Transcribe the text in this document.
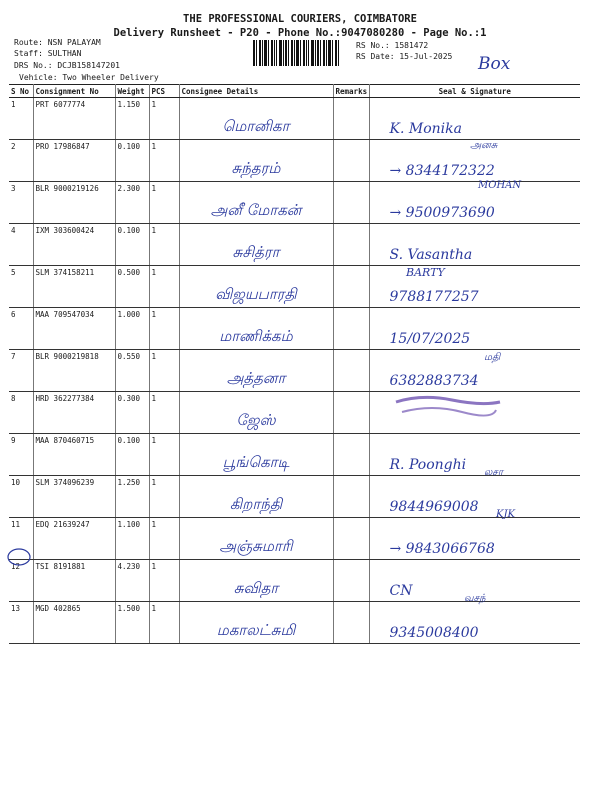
THE PROFESSIONAL COURIERS, COIMBATORE
Delivery Runsheet - P20 - Phone No.:9047080280 - Page No.:1
Route: NSN PALAYAM
Staff: SULTHAN
DRS No.: DCJB158147201
Vehicle: Two Wheeler Delivery
RS No.: 1581472
RS Date: 15-Jul-2025 Box
S No	Consignment No	Weight	PCS	Consignee Details	Remarks	Seal & Signature
1	PRT 6077774	1.150	1	மொனிகா		K. Monika
2	PRO 17986847	0.100	1	சுந்தரம்		→ 8344172322
3	BLR 9000219126	2.300	1	அனீ மோகன்		→ 9500973690
4	IXM 303600424	0.100	1	சுசித்ரா		S. Vasantha
5	SLM 374158211	0.500	1	விஜயபாரதி		9788177257
6	MAA 709547034	1.000	1	மாணிக்கம்		15/07/2025
7	BLR 9000219818	0.550	1	அத்தனா		6382883734
8	HRD 362277384	0.300	1	ஜேஸ்		
9	MAA 870460715	0.100	1	பூங்கொடி		R. Poonghi
10	SLM 374096239	1.250	1	கிறாந்தி		9844969008
11	EDQ 21639247	1.100	1	அஞ்சுமாரி		→ 9843066768
12	TSI 8191881	4.230	1	சுவிதா		CN
13	MGD 402865	1.500	1	மகாலட்சுமி		9345008400
அனசு
MOHAN
BARTY
மதி
லசா
KJK
வசந்
